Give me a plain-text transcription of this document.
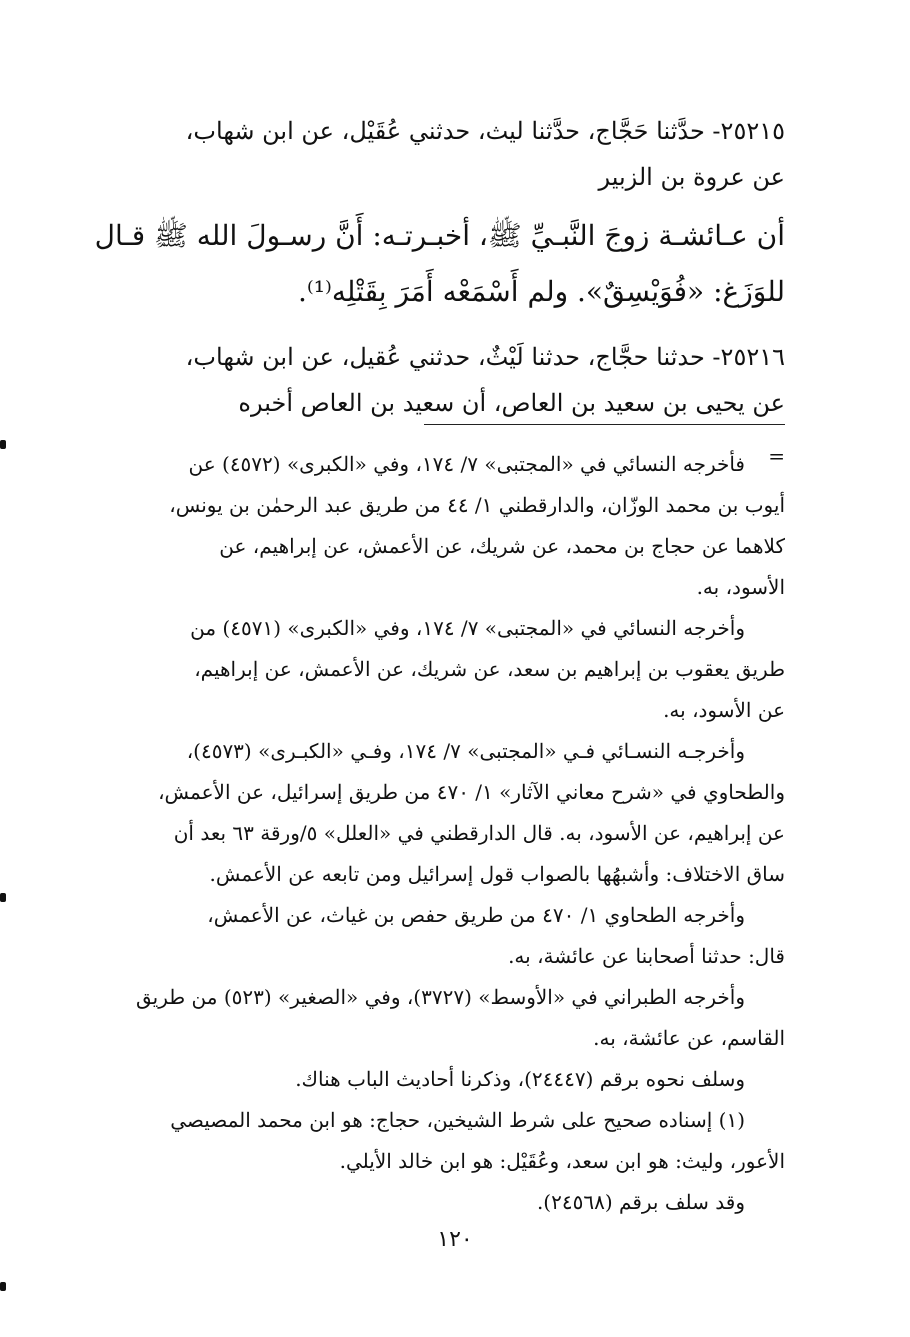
٢٥٢١٥- حدَّثنا حَجَّاج، حدَّثنا ليث، حدثني عُقَيْل، عن ابن شهاب،
عن عروة بن الزبير
أن عـائشـة زوجَ النَّبـيِّ ﷺ، أخبـرتـه: أَنَّ رسـولَ الله ﷺ قـال
للوَزَغ: «فُوَيْسِقٌ». ولم أَسْمَعْه أَمَرَ بِقَتْلِه⁽¹⁾.
٢٥٢١٦- حدثنا حجَّاج، حدثنا لَيْثٌ، حدثني عُقيل، عن ابن شهاب،
عن يحيى بن سعيد بن العاص، أن سعيد بن العاص أخبره
=
فأخرجه النسائي في «المجتبى» ٧/ ١٧٤، وفي «الكبرى» (٤٥٧٢) عن
أيوب بن محمد الوزّان، والدارقطني ١/ ٤٤ من طريق عبد الرحمٰن بن يونس،
كلاهما عن حجاج بن محمد، عن شريك، عن الأعمش، عن إبراهيم، عن
الأسود، به.
وأخرجه النسائي في «المجتبى» ٧/ ١٧٤، وفي «الكبرى» (٤٥٧١) من
طريق يعقوب بن إبراهيم بن سعد، عن شريك، عن الأعمش، عن إبراهيم،
عن الأسود، به.
وأخرجـه النسـائي فـي «المجتبى» ٧/ ١٧٤، وفـي «الكبـرى» (٤٥٧٣)،
والطحاوي في «شرح معاني الآثار» ١/ ٤٧٠ من طريق إسرائيل، عن الأعمش،
عن إبراهيم، عن الأسود، به. قال الدارقطني في «العلل» ٥/ورقة ٦٣ بعد أن
ساق الاختلاف: وأشبهُها بالصواب قول إسرائيل ومن تابعه عن الأعمش.
وأخرجه الطحاوي ١/ ٤٧٠ من طريق حفص بن غياث، عن الأعمش،
قال: حدثنا أصحابنا عن عائشة، به.
وأخرجه الطبراني في «الأوسط» (٣٧٢٧)، وفي «الصغير» (٥٢٣) من طريق
القاسم، عن عائشة، به.
وسلف نحوه برقم (٢٤٤٤٧)، وذكرنا أحاديث الباب هناك.
(١) إسناده صحيح على شرط الشيخين، حجاج: هو ابن محمد المصيصي
الأعور، وليث: هو ابن سعد، وعُقَيْل: هو ابن خالد الأيلي.
وقد سلف برقم (٢٤٥٦٨).
١٢٠
